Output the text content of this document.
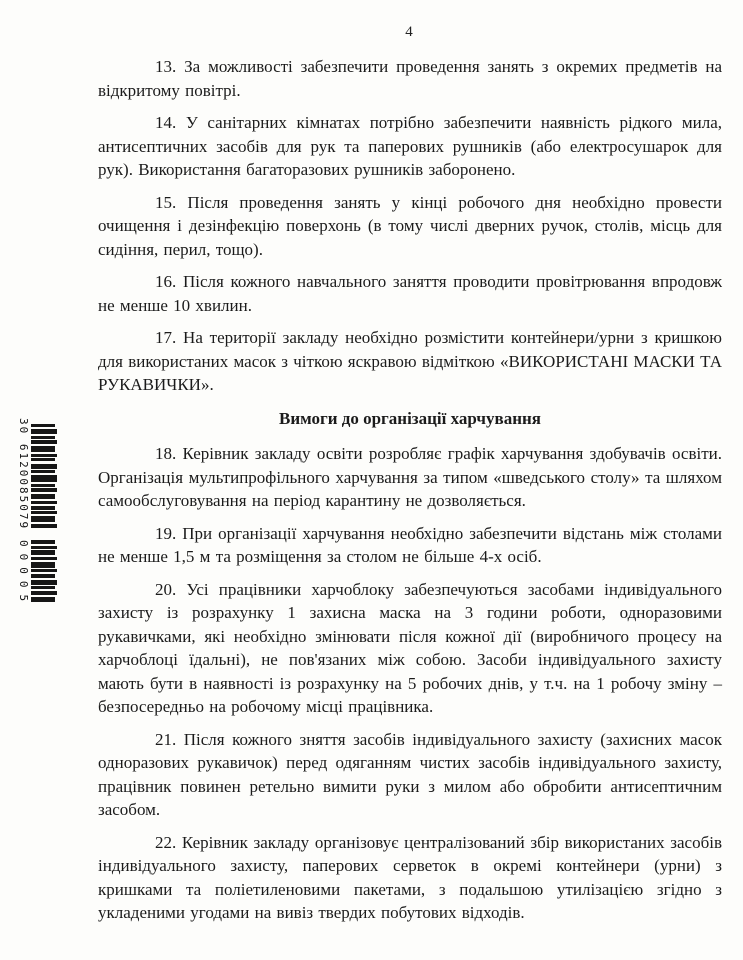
4
30 6120085079
00005

13. За можливості забезпечити проведення занять з окремих предметів на відкритому повітрі.

14. У санітарних кімнатах потрібно забезпечити наявність рідкого мила, антисептичних засобів для рук та паперових рушників (або електросушарок для рук). Використання багаторазових рушників заборонено.

15. Після проведення занять у кінці робочого дня необхідно провести очищення і дезінфекцію поверхонь (в тому числі дверних ручок, столів, місць для сидіння, перил, тощо).

16. Після кожного навчального заняття проводити провітрювання впродовж не менше 10 хвилин.

17. На території закладу необхідно розмістити контейнери/урни з кришкою для використаних масок з чіткою яскравою відміткою «ВИКОРИСТАНІ МАСКИ ТА РУКАВИЧКИ».

Вимоги до організації харчування

18. Керівник закладу освіти розробляє графік харчування здобувачів освіти. Організація мультипрофільного харчування за типом «шведського столу» та шляхом самообслуговування на період карантину не дозволяється.

19. При організації харчування необхідно забезпечити відстань між столами не менше 1,5 м та розміщення за столом не більше 4-х осіб.

20. Усі працівники харчоблоку забезпечуються засобами індивідуального захисту із розрахунку 1 захисна маска на 3 години роботи, одноразовими рукавичками, які необхідно змінювати після кожної дії (виробничого процесу на харчоблоці їдальні), не пов'язаних між собою. Засоби індивідуального захисту мають бути в наявності із розрахунку на 5 робочих днів, у т.ч. на 1 робочу зміну – безпосередньо на робочому місці працівника.

21. Після кожного зняття засобів індивідуального захисту (захисних масок одноразових рукавичок) перед одяганням чистих засобів індивідуального захисту, працівник повинен ретельно вимити руки з милом або обробити антисептичним засобом.

22. Керівник закладу організовує централізований збір використаних засобів індивідуального захисту, паперових серветок в окремі контейнери (урни) з кришками та поліетиленовими пакетами, з подальшою утилізацією згідно з укладеними угодами на вивіз твердих побутових відходів.
